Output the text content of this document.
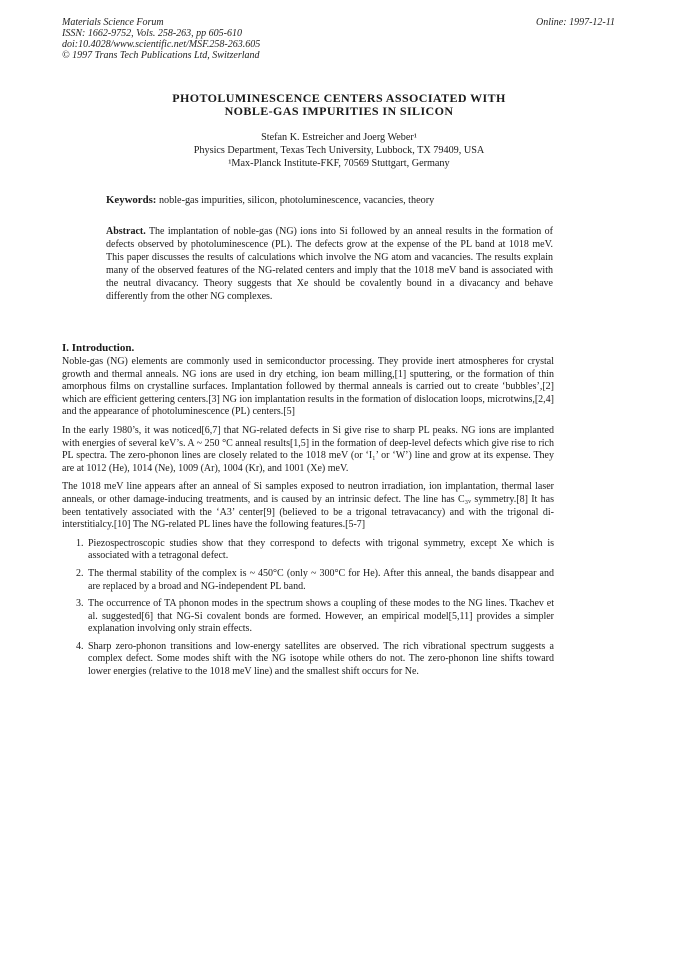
Materials Science Forum
ISSN: 1662-9752, Vols. 258-263, pp 605-610
doi:10.4028/www.scientific.net/MSF.258-263.605
© 1997 Trans Tech Publications Ltd, Switzerland
Online: 1997-12-11
PHOTOLUMINESCENCE CENTERS ASSOCIATED WITH
NOBLE-GAS IMPURITIES IN SILICON
Stefan K. Estreicher and Joerg Weber¹
Physics Department, Texas Tech University, Lubbock, TX 79409, USA
¹Max-Planck Institute-FKF, 70569 Stuttgart, Germany
Keywords: noble-gas impurities, silicon, photoluminescence, vacancies, theory
Abstract. The implantation of noble-gas (NG) ions into Si followed by an anneal results in the formation of defects observed by photoluminescence (PL). The defects grow at the expense of the PL band at 1018 meV. This paper discusses the results of calculations which involve the NG atom and vacancies. The results explain many of the observed features of the NG-related centers and imply that the 1018 meV band is associated with the neutral divacancy. Theory suggests that Xe should be covalently bound in a divacancy and behave differently from the other NG complexes.
I. Introduction.

Noble-gas (NG) elements are commonly used in semiconductor processing. They provide inert atmospheres for crystal growth and thermal anneals. NG ions are used in dry etching, ion beam milling,[1] sputtering, or the formation of thin amorphous films on crystalline surfaces. Implantation followed by thermal anneals is carried out to create ‘bubbles’,[2] which are efficient gettering centers.[3] NG ion implantation results in the formation of dislocation loops, microtwins,[2,4] and the appearance of photoluminescence (PL) centers.[5]

In the early 1980’s, it was noticed[6,7] that NG-related defects in Si give rise to sharp PL peaks. NG ions are implanted with energies of several keV’s. A ~ 250 °C anneal results[1,5] in the formation of deep-level defects which give rise to rich PL spectra. The zero-phonon lines are closely related to the 1018 meV (or ‘I₁’ or ‘W’) line and grow at its expense. They are at 1012 (He), 1014 (Ne), 1009 (Ar), 1004 (Kr), and 1001 (Xe) meV.

The 1018 meV line appears after an anneal of Si samples exposed to neutron irradiation, ion implantation, thermal laser anneals, or other damage-inducing treatments, and is caused by an intrinsic defect. The line has C₃ᵥ symmetry.[8] It has been tentatively associated with the ‘A3’ center[9] (believed to be a trigonal tetravacancy) and with the trigonal di-interstitialcy.[10] The NG-related PL lines have the following features.[5-7]

1. Piezospectroscopic studies show that they correspond to defects with trigonal symmetry, except Xe which is associated with a tetragonal defect.
2. The thermal stability of the complex is ~ 450°C (only ~ 300°C for He). After this anneal, the bands disappear and are replaced by a broad and NG-independent PL band.
3. The occurrence of TA phonon modes in the spectrum shows a coupling of these modes to the NG lines. Tkachev et al. suggested[6] that NG-Si covalent bonds are formed. However, an empirical model[5,11] provides a simpler explanation involving only strain effects.
4. Sharp zero-phonon transitions and low-energy satellites are observed. The rich vibrational spectrum suggests a complex defect. Some modes shift with the NG isotope while others do not. The zero-phonon line shifts toward lower energies (relative to the 1018 meV line) and the smallest shift occurs for Ne.
